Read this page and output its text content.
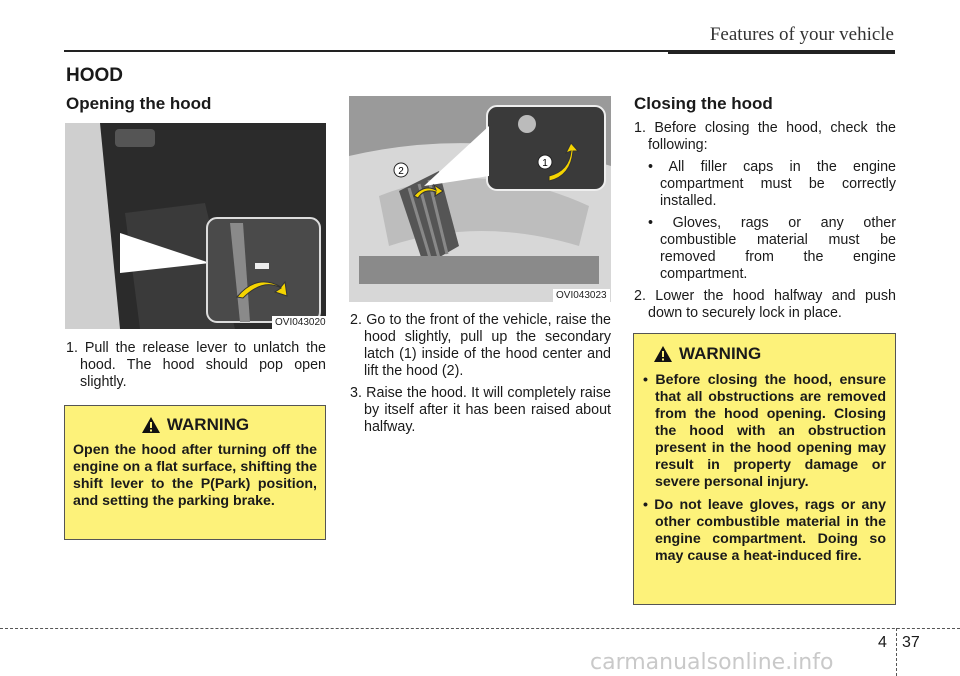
Features of your vehicle
HOOD
Opening the hood
OVI043020
1. Pull the release lever to unlatch the hood. The hood should pop open slightly.
WARNING
Open the hood after turning off the engine on a flat surface, shifting the shift lever to the P(Park) position, and setting the parking brake.
1
2
OVI043023
2. Go to the front of the vehicle, raise the hood slightly, pull up the secondary latch (1) inside of the hood center and lift the hood (2).
3. Raise the hood. It will completely raise by itself after it has been raised about halfway.
Closing the hood
1. Before closing the hood, check the following:
• All filler caps in the engine compartment must be correctly installed.
• Gloves, rags or any other combustible material must be removed from the engine compartment.
2. Lower the hood halfway and push down to securely lock in place.
WARNING
• Before closing the hood, ensure that all obstructions are removed from the hood opening. Closing the hood with an obstruction present in the hood opening may result in property damage or severe personal injury.
• Do not leave gloves, rags or any other combustible material in the engine compartment. Doing so may cause a heat-induced fire.
4 37
carmanualsonline.info
